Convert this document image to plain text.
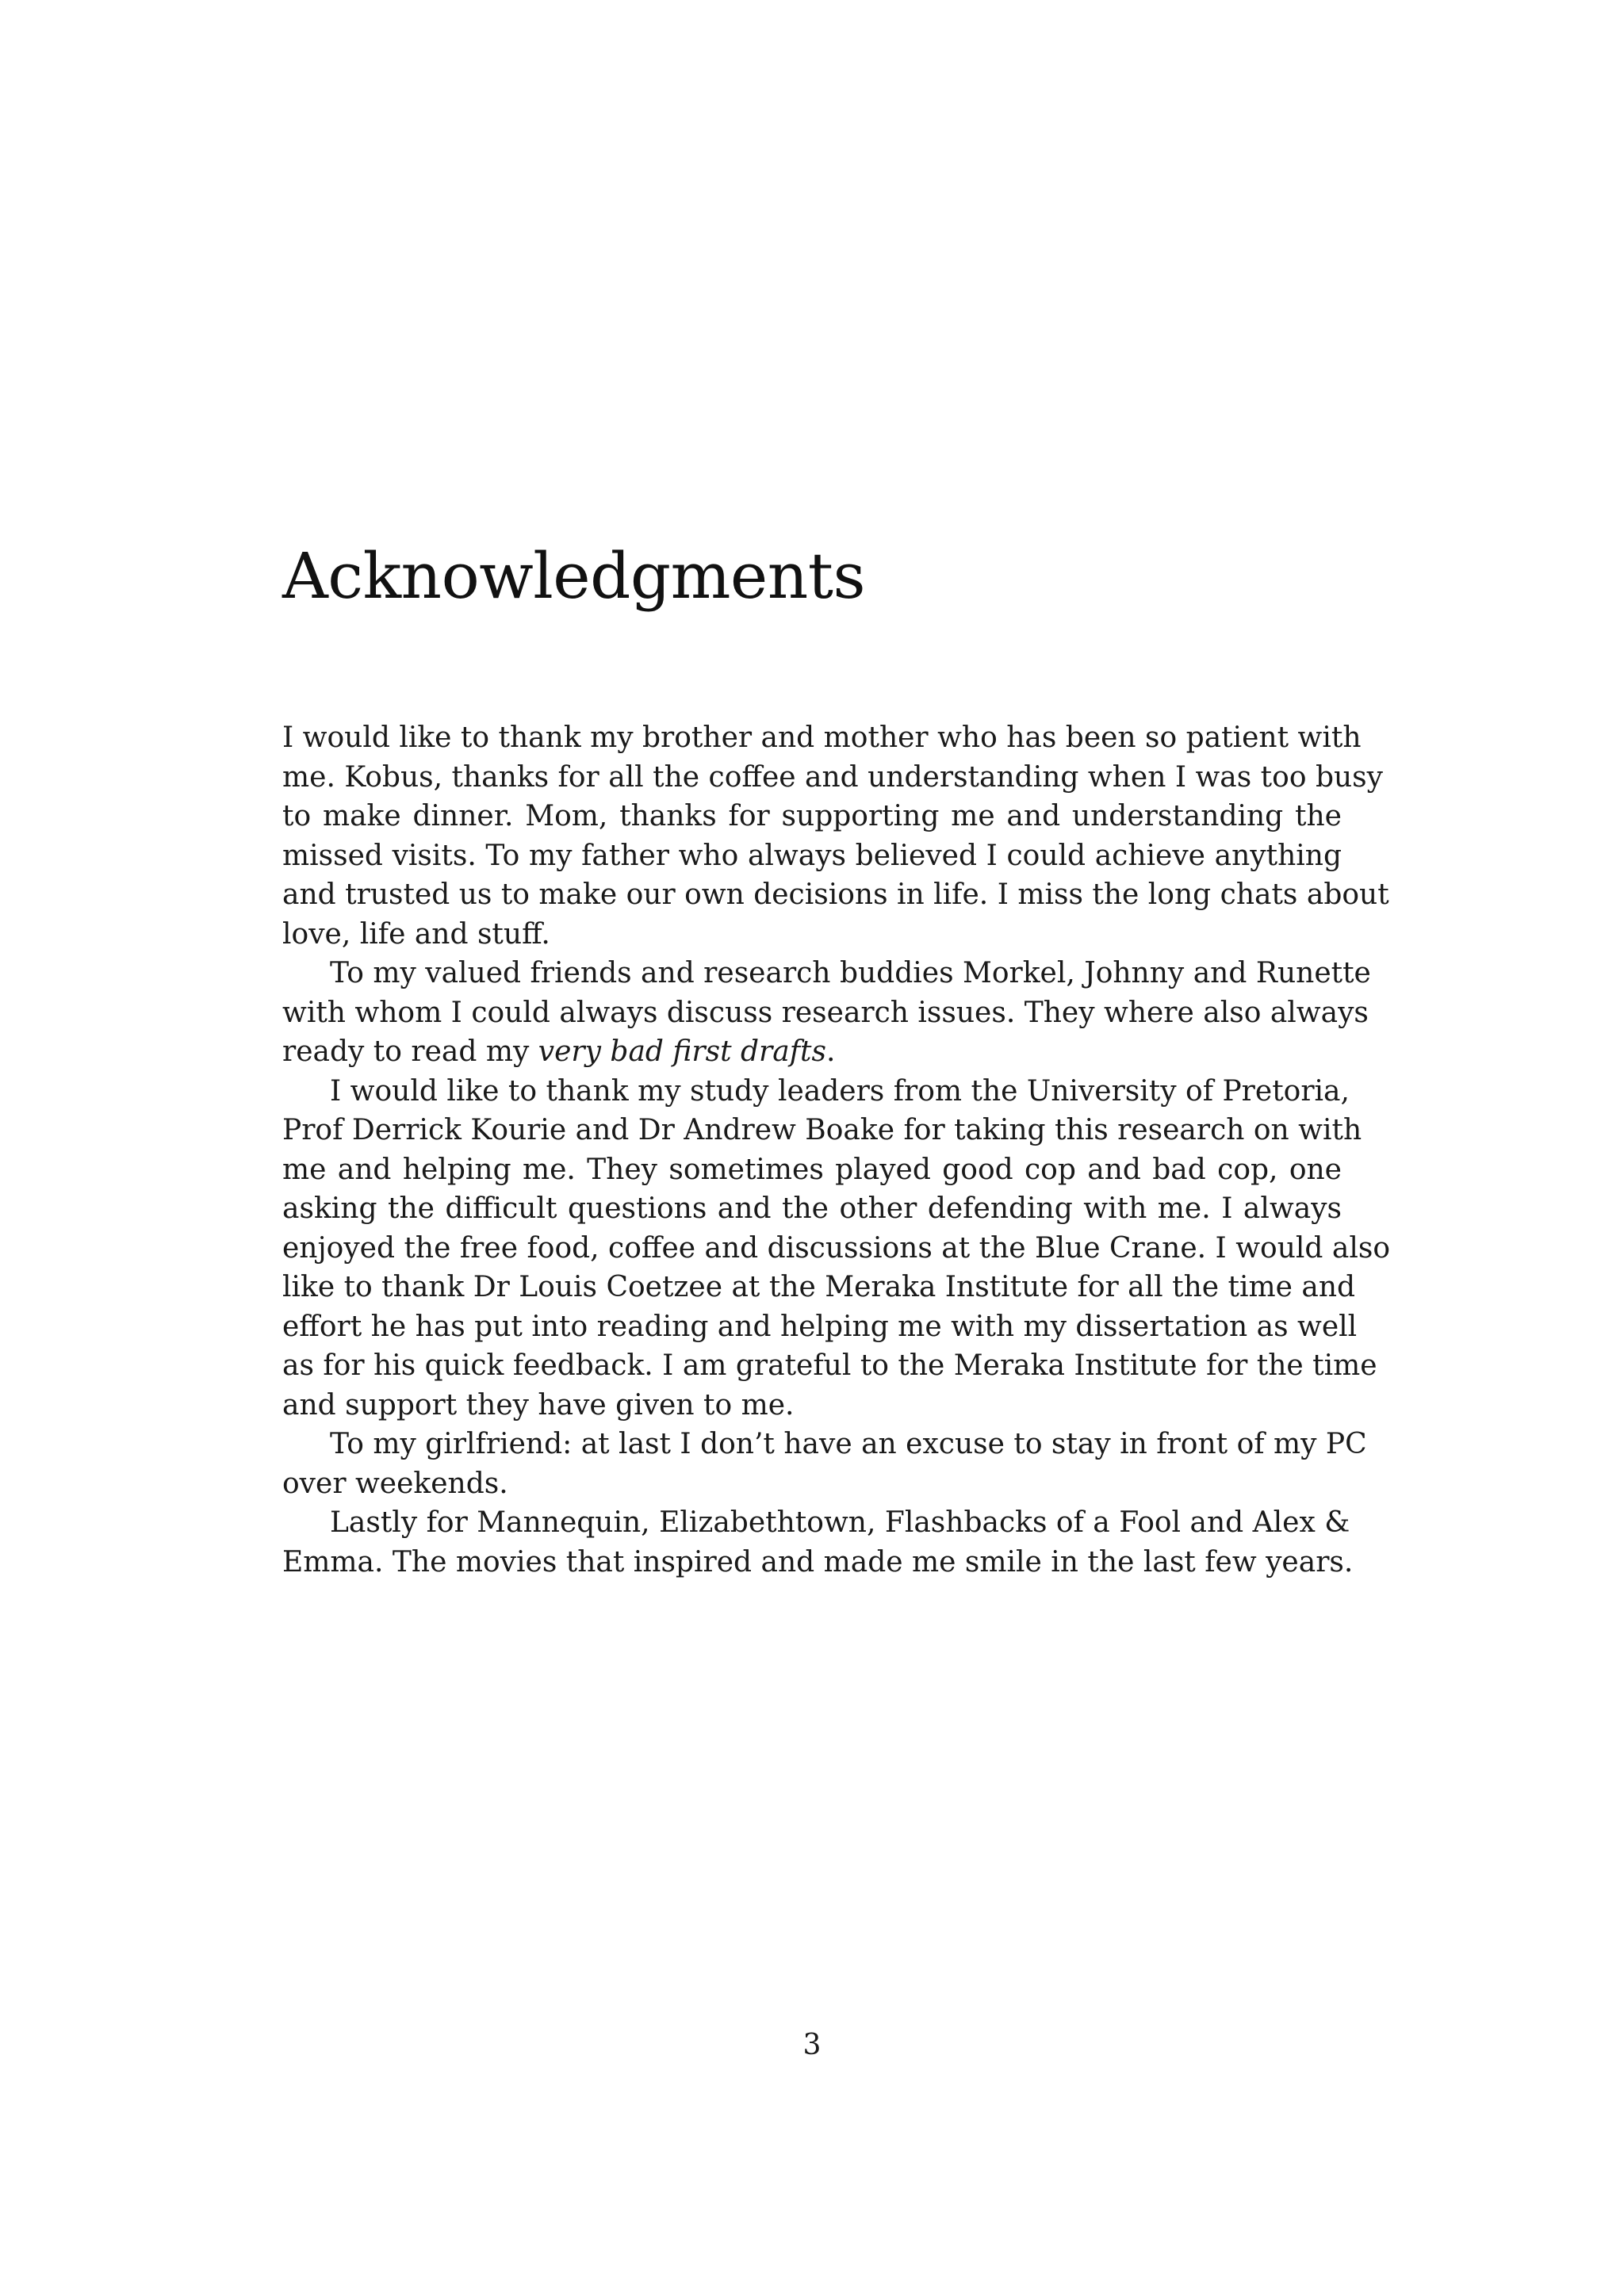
Acknowledgments
I would like to thank my brother and mother who has been so patient with
me. Kobus, thanks for all the coffee and understanding when I was too busy
to make dinner. Mom, thanks for supporting me and understanding the
missed visits. To my father who always believed I could achieve anything
and trusted us to make our own decisions in life. I miss the long chats about
love, life and stuff.
To my valued friends and research buddies Morkel, Johnny and Runette
with whom I could always discuss research issues. They where also always
ready to read my very bad first drafts.
I would like to thank my study leaders from the University of Pretoria,
Prof Derrick Kourie and Dr Andrew Boake for taking this research on with
me and helping me. They sometimes played good cop and bad cop, one
asking the difficult questions and the other defending with me. I always
enjoyed the free food, coffee and discussions at the Blue Crane. I would also
like to thank Dr Louis Coetzee at the Meraka Institute for all the time and
effort he has put into reading and helping me with my dissertation as well
as for his quick feedback. I am grateful to the Meraka Institute for the time
and support they have given to me.
To my girlfriend: at last I don’t have an excuse to stay in front of my PC
over weekends.
Lastly for Mannequin, Elizabethtown, Flashbacks of a Fool and Alex &
Emma. The movies that inspired and made me smile in the last few years.
3
